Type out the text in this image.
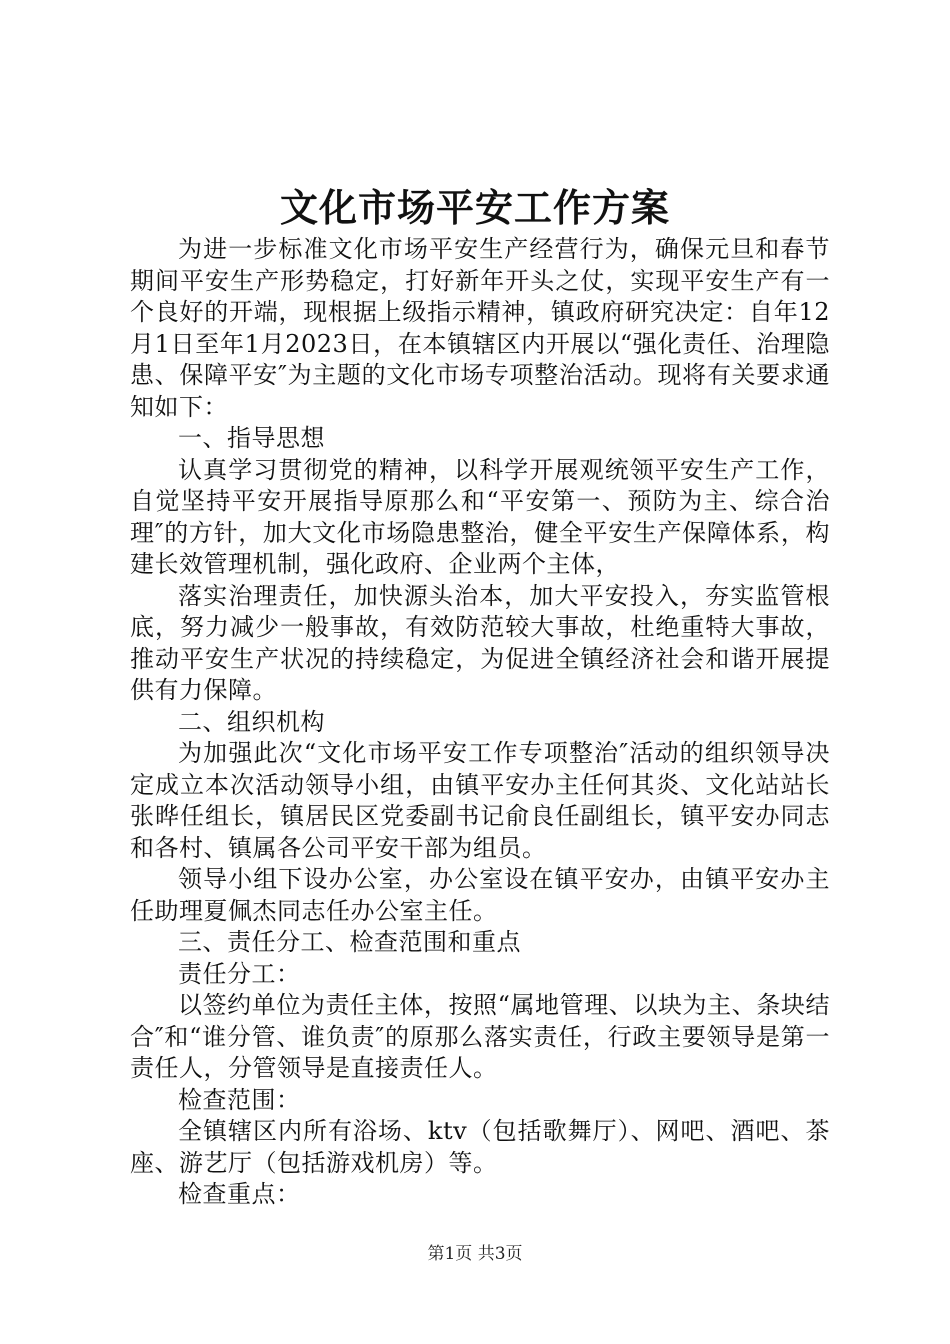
文化市场平安工作方案

为进一步标准文化市场平安生产经营行为，确保元旦和春节期间平安生产形势稳定，打好新年开头之仗，实现平安生产有一个良好的开端，现根据上级指示精神，镇政府研究决定：自年12月1日至年1月2023日，在本镇辖区内开展以“强化责任、治理隐患、保障平安″为主题的文化市场专项整治活动。现将有关要求通知如下：

一、指导思想

认真学习贯彻党的精神，以科学开展观统领平安生产工作，自觉坚持平安开展指导原那么和“平安第一、预防为主、综合治理″的方针，加大文化市场隐患整治，健全平安生产保障体系，构建长效管理机制，强化政府、企业两个主体，

落实治理责任，加快源头治本，加大平安投入，夯实监管根底，努力减少一般事故，有效防范较大事故，杜绝重特大事故，推动平安生产状况的持续稳定，为促进全镇经济社会和谐开展提供有力保障。

二、组织机构

为加强此次“文化市场平安工作专项整治″活动的组织领导决定成立本次活动领导小组，由镇平安办主任何其炎、文化站站长张晔任组长，镇居民区党委副书记俞良任副组长，镇平安办同志和各村、镇属各公司平安干部为组员。

领导小组下设办公室，办公室设在镇平安办，由镇平安办主任助理夏佩杰同志任办公室主任。

三、责任分工、检查范围和重点

责任分工：

以签约单位为责任主体，按照“属地管理、以块为主、条块结合″和“谁分管、谁负责″的原那么落实责任，行政主要领导是第一责任人，分管领导是直接责任人。

检查范围：

全镇辖区内所有浴场、ktv（包括歌舞厅）、网吧、酒吧、茶座、游艺厅（包括游戏机房）等。

检查重点：

第1页 共3页
